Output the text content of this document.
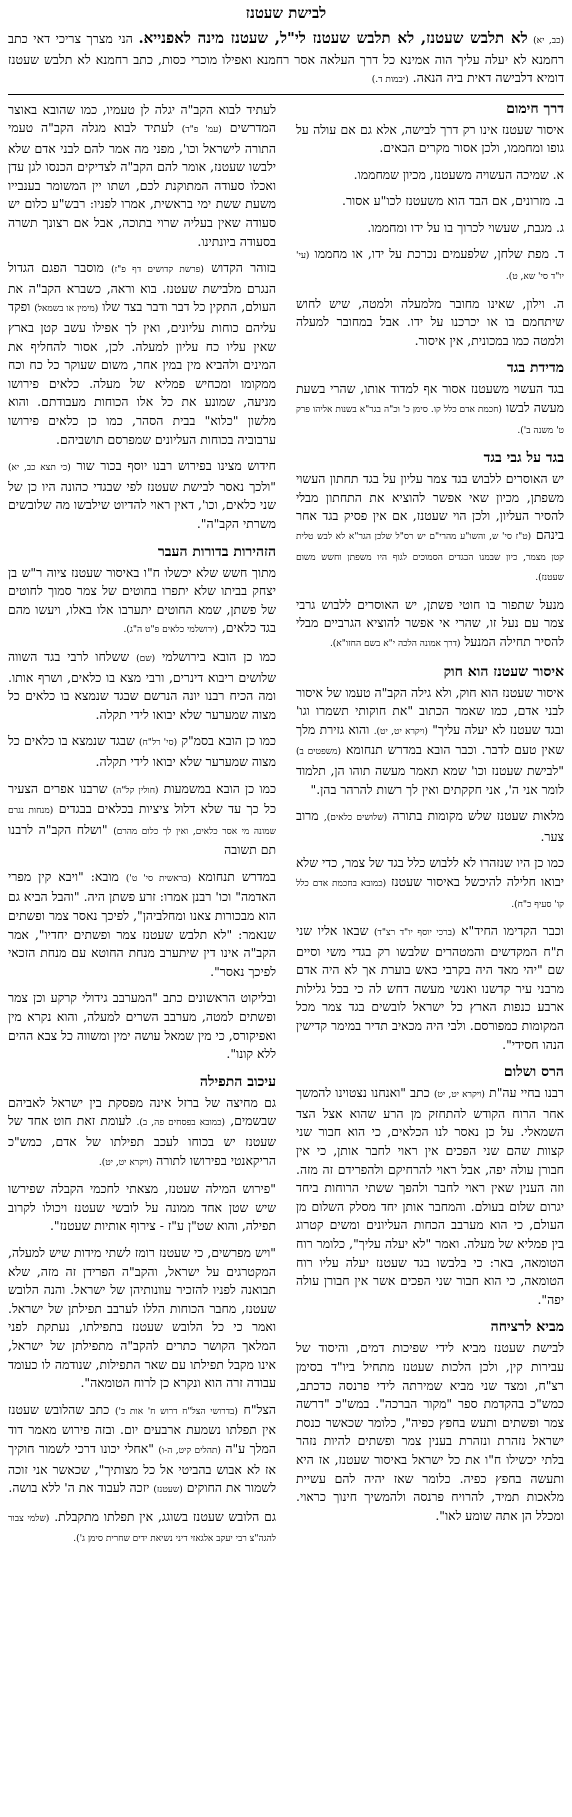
לבישת שעטנז
(כב, יא) לא תלבש שעטנז, לא תלבש שעטנז לי"ל, שעטנז מינה לאפנייא. הני מצרך צריכי דאי כתב רחמנא לא יעלה עליך הוה אמינא כל דרך העלאה אסר רחמנא ואפילו מוכרי כסות, כתב רחמנא לא תלבש שעטנז דומיא דלבישה דאית ביה הנאה. (יבמות ד.)
דרך חימום

איסור שעטנז אינו רק דרך לבישה, אלא גם אם עולה על גופו ומחממו, ולכן אסור מקרים הבאים.

א. שמיכה העשויה משעטנז, מכיון שמחממו.

ב. מזרונים, אם הבד הוא משעטנז לכו"ע אסור.

ג. מגבת, שעשוי לכרוך בו על ידו ומחממו.

ד. מפת שלחן, שלפעמים נכרכת על ידו, או מחממו (עי' יו"ד סי' שא, ט).

ה. וילון, שאינו מחובר מלמעלה ולמטה, שיש לחוש שיתחמם בו או יכרכנו על ידו. אבל במחובר למעלה ולמטה כמו במכונית, אין איסור.

מדידת בגד

בגד העשוי משעטנז אסור אף למדוד אותו, שהרי בשעת מעשה לבשו (חכמת אדם כלל קו. סימן כ' וכ"ה בגר"א בשנות אליהו פרק ט' משנה ב').

בגד על גבי בגד

יש האוסרים ללבוש בגד צמר עליון על בגד תחתון העשוי משפתן, מכיון שאי אפשר להוציא את התחתון מבלי להסיר העליון, ולכן הוי שעטנז, אם אין פסיק בגד אחר בינהם (ט"ז סי' ש, והשו"ע מהרי"ם יש רס"ל שלכן הגר"א לא לבש טלית קטן מצמר, כיון שבמנו הבגדים הסמוכים לגוף היו משפתן וחשש משום שעטנז).

מנעל שתפור בו חוטי פשתן, יש האוסרים ללבוש גרבי צמר עם נעל זו, שהרי אי אפשר להוציא הגרביים מבלי להסיר תחילה המנעל (דרך אמונה הלכה י"א בשם החזו"א).

איסור שעטנז הוא חוק

איסור שעטנז הוא חוק, ולא גילה הקב"ה טעמו של איסור לבני אדם, כמו שאמר הכתוב "את חוקותי תשמרו וגו' ובגד שעטנז לא יעלה עליך" (ויקרא יט, יט). והוא גזירת מלך שאין טעם לדבר. וכבר הובא במדרש תנחומא (משפטים ב) "לבישת שעטנז וכו' שמא תאמר מעשה תוהו הן, תלמוד לומר אני ה', אני חקקתים ואין לך רשות להרהר בהן."

מלאות שעטנז שלש מקומות בתורה (שלושים כלאים), מרוב צער.

כמו כן היו שנזהרו לא ללבוש כלל בגד של צמר, כדי שלא יבואו חלילה להיכשל באיסור שעטנז (כמובא בחכמת אדם כלל קו' סעיף כ"ח).

וכבר הקדימו החיד"א (ברכי יוסף יו"ד רצ"ד) שבאו אליו שני ת"ח המקדשים והמטהרים שלבשו רק בגדי משי וסיים שם "יהי מאד היה בקרבי כאש בוערת אך לא היה אדם מרבני עיר קדשנו ואנשי מעשה דחש לה כי בכל גלילות ארבע כנפות הארץ כל ישראל לובשים בגד צמר מכל המקומות כמפורסם. ולבי היה מכאיב תדיר במימר קדישין הנהו חסידי".

הרס ושלום

רבנו בחיי עה"ת (ויקרא יט, יט) כתב "ואנחנו נצטוינו להמשך אחר הרוח הקודש להתחזק מן הרע שהוא אצל הצד השמאלי. על כן נאסר לנו הכלאים, כי הוא חבור שני קצוות שהם שני הפכים אין ראוי לחבר אותן, כי אין חבורן עולה יפה, אבל ראוי להרחיקם ולהפרידם זה מזה. וזה הענין שאין ראוי לחבר ולהפך ששתי הרוחות ביחד יגרום שלום בעולם. והמחבר אותן יחד מסלק השלום מן העולם, כי הוא מערבב הכחות העליונים ומשים קטרוג בין פמליא של מעלה. ואמר "לא יעלה עליך", כלומר רוח הטומאה, באר: כי בלבשו בגד שעטנז יעלה עליו רוח הטומאה, כי הוא חבור שני הפכים אשר אין חבורן עולה יפה".

מביא לרציחה

לבישת שעטנז מביא לידי שפיכות דמים, והיסוד של עבירות קין, ולכן הלכות שעטנז מתחיל ביו"ד בסימן רצ"ח, ומצד שני מביא שמירתה לידי פרנסה כדכתב, כמש"כ בהקדמת ספר "מקור הברכה". במש"כ "דרשה צמר ופשתים ותעש בחפץ כפיה", כלומר שכאשר כנסת ישראל נזהרת ונזהרת בענין צמר ופשתים להיות נזהר בלתי יכשילו ח"ו את כל ישראל באיסור שעטנז, אז היא ותעשה בחפץ כפיה. כלומר שאז יהיה להם עשיית מלאכות תמיד, להרויח פרנסה ולהמשיך חינוך כראוי. ומכלל הן אתה שומע לאו".

לעתיד לבוא הקב"ה יגלה לן טעמיו, כמו שהובא באוצר המדרשים (עמ' פ"ד) לעתיד לבוא מגלה הקב"ה טעמי התורה לישראל וכו', מפני מה אמר להם לבני אדם שלא ילבשו שעטנז, אומר להם הקב"ה לצדיקים הכנסו לגן עדן ואכלו סעודה המתוקנת לכם, ושתו יין המשומר בענבייו משעת ששת ימי בראשית, אמרו לפניו: רבש"ע כלום יש סעודה שאין בעליה שרוי בתוכה, אבל אם רצונך תשרה בסעודה ביונתינו.

בזוהר הקדוש (פרשת קדושים דף פ"ז) מוסבר הפגם הגדול הנגרם מלבישת שעטנז. בוא וראה, כשברא הקב"ה את העולם, התקין כל דבר ודבר בצד שלו (מימין או בשמאל) ופקד עליהם כוחות עליונים, ואין לך אפילו עשב קטן בארץ שאין עליו כח עליון למעלה. לכן, אסור להחליף את המינים ולהביא מין במין אחר, משום שעוקר כל כח וכח ממקומו ומכחיש פמליא של מעלה. כלאים פירושו מניעה, שמונע את כל אלו הכוחות מעבודתם. והוא מלשון "כלוא" בבית הסהר, כמו כן כלאים פירושו ערבוביה בכוחות העליונים שמפרסם תושביהם.

חידוש מצינו בפירוש רבנו יוסף בכור שור (כי תצא כב, יא) "ולכך נאסר לבישת שעטנז לפי שבגדי כהונה היו כן של שני כלאים, וכו', דאין ראוי להדיוט שילבשו מה שלובשים משרתי הקב"ה".

הזהירות בדורות העבר

מתוך חשש שלא יכשלו ח"ו באיסור שעטנז ציוה ר"ש בן יצחק בביתו שלא יתפרו בחוטים של צמר סמוך לחוטים של פשתן, שמא החוטים יתערבו אלו באלו, ויעשו מהם בגד כלאים, (ירושלמי כלאים פ"ט ה"ג).

כמו כן הובא בירושלמי (שם) ששלחו לרבי בגד השווה שלושים ריבוא דינרים, ורבי מצא בו כלאים, ושרף אותו. ומה הכיח רבנו יונה הנרשם שבגד שנמצא בו כלאים כל מצוה שמערער שלא יבואו לידי תקלה.

כמו כן הובא בסמ"ק (סי' רל"ח) שבגד שנמצא בו כלאים כל מצוה שמערער שלא יבואו לידי תקלה.

כמו כן הובא במשמעות (חולין קל"ה) שרבנו אפרים הצעיר כל כך עד שלא דלול ציציות בכלאים בבגדים (מנחות נגרם שמונה מי אסר כלאים, ואין לך כלום מהרם) "ושלח הקב"ה לרבנו תם תשובה

במדרש תנחומא (בראשית סי' ט') מובא: "ויבא קין מפרי האדמה" וכו' רבנן אמרו: זרע פשתן היה. "והבל הביא גם הוא מבכורות צאנו ומחלביהן", לפיכך נאסר צמר ופשתים שנאמר: "לא תלבש שעטנז צמר ופשתים יחדיו", אמר הקב"ה אינו דין שיתערב מנחת החוטא עם מנחת הזכאי לפיכך נאסר".

ובליקוט הראשונים כתב "המערבב גידולי קרקע וכן צמר ופשתים למטה, מערבב השרים למעלה, והוא נקרא מין ואפיקורס, כי מין שמאל עושה ימין ומשווה כל צבא ההים ללא קונו".

עיכוב התפילה

גם מחיצה של ברזל אינה מפסקת בין ישראל לאביהם שבשמים, (כמובא בפסחים פה, ב). לעומת זאת חוט אחד של שעטנז יש בכוחו לעכב תפילתו של אדם, כמש"כ הריקאנטי בפירושו לתורה (ויקרא יט, יט).

"פירוש המילה שעטנז, מצאתי לחכמי הקבלה שפירשו שיש שטן אחד ממונה על לובשי שעטנז ויכולו לקרוב תפילה, והוא שט"ן ע"ז - צירוף אותיות שעטנז".

"ויש מפרשים, כי שעטנז רומז לשתי מידות שיש למעלה, המקטרגים על ישראל, והקב"ה הפרידן זה מזה, שלא תבואנה לפניו להזכיר עוונותיהן של ישראל. והנה הלובש שעטנז, מחבר הכוחות הללו לערבב תפילתן של ישראל. ואמר כי כל הלובש שעטנז בתפילתו, נעתקת לפני המלאך הקושר כתרים להקב"ה מתפילתן של ישראל, אינו מקבל תפילתו עם שאר התפילות, שנודמה לו כעומד עבודה זרה הוא ונקרא כן לרוח הטומאה".

הצל"ח (בדרושי הצל"ח דרוש ח' אות כ') כתב שהלובש שעטנז אין תפלתו נשמעת ארבעים יום. ובזה פירוש מאמר דוד המלך ע"ה (תהלים קיט, ה-ו) "אחלי יכונו דרכי לשמור חוקיך אז לא אבוש בהביטי אל כל מצותיך", שכאשר אני זוכה לשמור את החוקים (שעטנז) יזכה לעבוד את ה' ללא בושה.

גם הלובש שעטנז בשוגג, אין תפלתו מתקבלת. (שלמי צבור להגה"צ רבי יעקב אלגאזי דיני נשיאת ידים שחרית סימן ג').
